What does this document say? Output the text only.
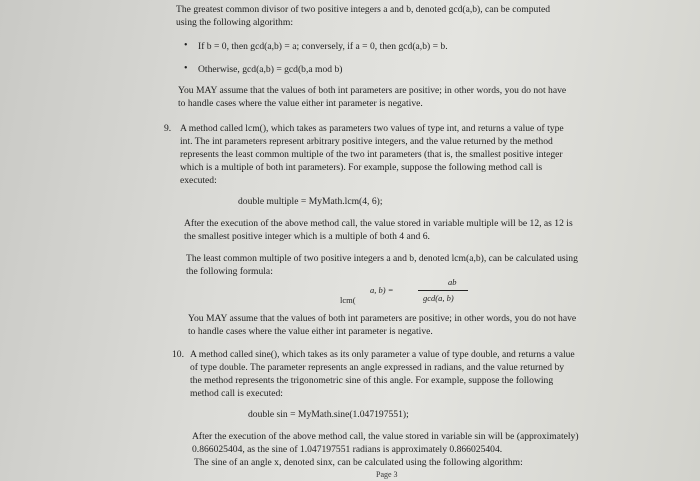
The greatest common divisor of two positive integers a and b, denoted gcd(a,b), can be computed
using the following algorithm:
• If b = 0, then gcd(a,b) = a; conversely, if a = 0, then gcd(a,b) = b.
• Otherwise, gcd(a,b) = gcd(b,a mod b)
You MAY assume that the values of both int parameters are positive; in other words, you do not have
to handle cases where the value either int parameter is negative.
9. A method called lcm(), which takes as parameters two values of type int, and returns a value of type
int. The int parameters represent arbitrary positive integers, and the value returned by the method
represents the least common multiple of the two int parameters (that is, the smallest positive integer
which is a multiple of both int parameters). For example, suppose the following method call is
executed:
double multiple = MyMath.lcm(4, 6);
After the execution of the above method call, the value stored in variable multiple will be 12, as 12 is
the smallest positive integer which is a multiple of both 4 and 6.
The least common multiple of two positive integers a and b, denoted lcm(a,b), can be calculated using
the following formula:
ab
gcd(a, b)
a, b) =
lcm(
You MAY assume that the values of both int parameters are positive; in other words, you do not have
to handle cases where the value either int parameter is negative.
10. A method called sine(), which takes as its only parameter a value of type double, and returns a value
of type double. The parameter represents an angle expressed in radians, and the value returned by
the method represents the trigonometric sine of this angle. For example, suppose the following
method call is executed:
double sin = MyMath.sine(1.047197551);
After the execution of the above method call, the value stored in variable sin will be (approximately)
0.866025404, as the sine of 1.047197551 radians is approximately 0.866025404.
The sine of an angle x, denoted sinx, can be calculated using the following algorithm:
Page 3
